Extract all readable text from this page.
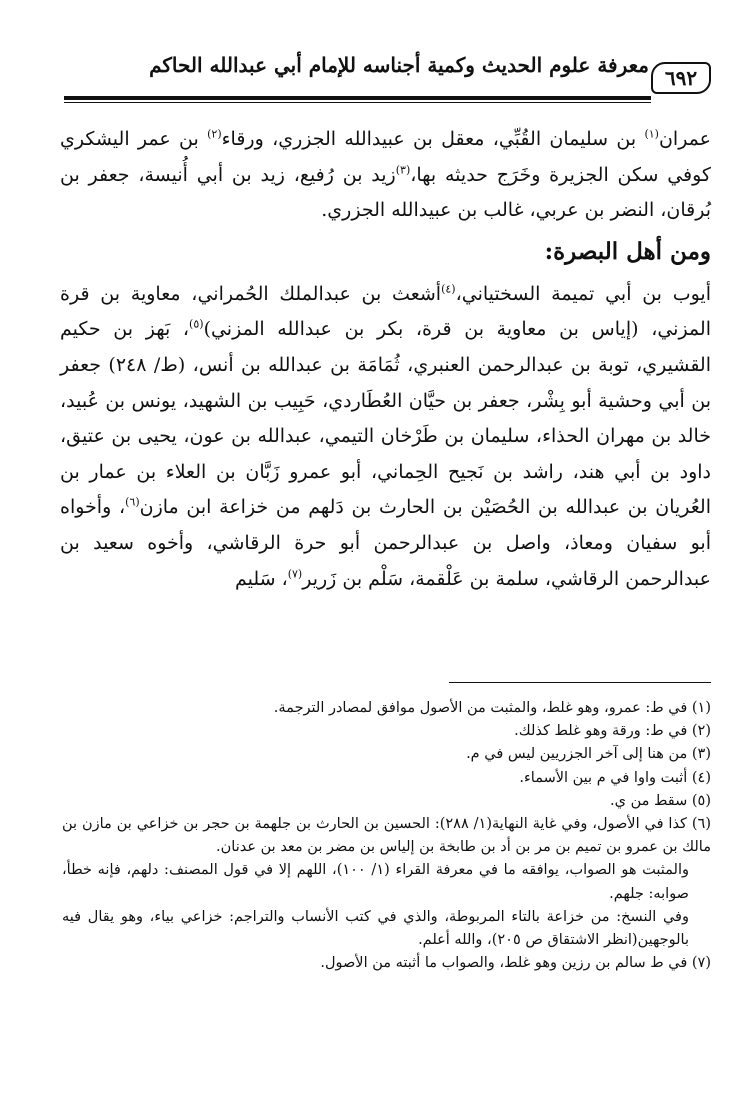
معرفة علوم الحديث وكمية أجناسه للإمام أبي عبدالله الحاكم
٦٩٢

عمران$^{(١)}$ بن سليمان القُبِّي، معقل بن عبيدالله الجزري، ورقاء$^{(٢)}$ بن عمر اليشكري كوفي سكن الجزيرة وخَرَج حديثه بها،$^{(٣)}$زيد بن رُفيع، زيد بن أبي أُنيسة، جعفر بن بُرقان، النضر بن عربي، غالب بن عبيدالله الجزري.

ومن أهل البصرة:

أيوب بن أبي تميمة السختياني،$^{(٤)}$أشعث بن عبدالملك الحُمراني، معاوية بن قرة المزني، (إياس بن معاوية بن قرة، بكر بن عبدالله المزني)$^{(٥)}$، بَهز بن حكيم القشيري، توبة بن عبدالرحمن العنبري، ثُمَامَة بن عبدالله بن أنس، (ط/ ٢٤٨) جعفر بن أبي وحشية أبو بِشْر، جعفر بن حيَّان العُطَاردي، حَبِيب بن الشهيد، يونس بن عُبيد، خالد بن مهران الحذاء، سليمان بن طَرْخان التيمي، عبدالله بن عون، يحيى بن عتيق، داود بن أبي هند، راشد بن نَجيح الحِماني، أبو عمرو زَبَّان بن العلاء بن عمار بن العُريان بن عبدالله بن الحُصَيْن بن الحارث بن دَلهم من خزاعة ابن مازن$^{(٦)}$، وأخواه أبو سفيان ومعاذ، واصل بن عبدالرحمن أبو حرة الرقاشي، وأخوه سعيد بن عبدالرحمن الرقاشي، سلمة بن عَلْقمة، سَلْم بن زَرير$^{(٧)}$، سَليم

(١) في ط: عمرو، وهو غلط، والمثبت من الأصول موافق لمصادر الترجمة.

(٢) في ط: ورقة وهو غلط كذلك.

(٣) من هنا إلى آخر الجزريين ليس في م.

(٤) أثبت واوا في م بين الأسماء.

(٥) سقط من ي.

(٦) كذا في الأصول، وفي غاية النهاية(١/ ٢٨٨): الحسين بن الحارث بن جلهمة بن حجر بن خزاعي بن مازن بن مالك بن عمرو بن تميم بن مر بن أد بن طابخة بن إلياس بن مضر بن معد بن عدنان.

والمثبت هو الصواب، يوافقه ما في معرفة القراء (١/ ١٠٠)، اللهم إلا في قول المصنف: دلهم، فإنه خطأ، صوابه: جلهم.

وفي النسخ: من خزاعة بالتاء المربوطة، والذي في كتب الأنساب والتراجم: خزاعي بياء، وهو يقال فيه بالوجهين(انظر الاشتقاق ص ٢٠٥)، والله أعلم.

(٧) في ط سالم بن رزين وهو غلط، والصواب ما أثبته من الأصول.
